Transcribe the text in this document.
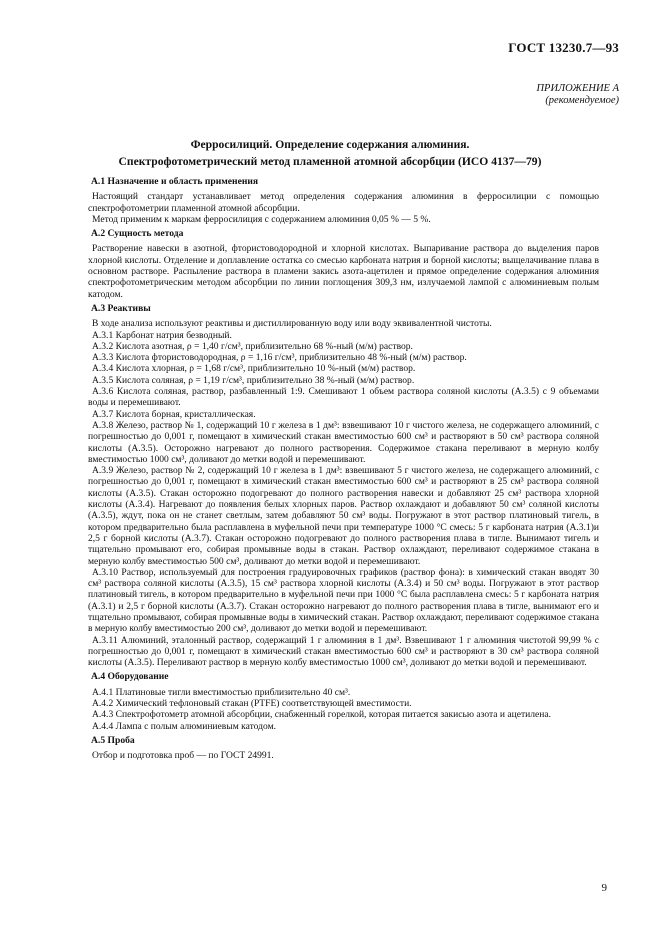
ГОСТ 13230.7—93
ПРИЛОЖЕНИЕ А
(рекомендуемое)
Ферросилиций. Определение содержания алюминия.
Спектрофотометрический метод пламенной атомной абсорбции (ИСО 4137—79)
А.1 Назначение и область применения

Настоящий стандарт устанавливает метод определения содержания алюминия в ферросилиции с помощью спектрофотометрии пламенной атомной абсорбции.

Метод применим к маркам ферросилиция с содержанием алюминия 0,05 % — 5 %.

А.2 Сущность метода

Растворение навески в азотной, фтористоводородной и хлорной кислотах. Выпаривание раствора до выделения паров хлорной кислоты. Отделение и доплавление остатка со смесью карбоната натрия и борной кислоты; выщелачивание плава в основном растворе. Распыление раствора в пламени закись азота-ацетилен и прямое определение содержания алюминия спектрофотометрическим методом абсорбции по линии поглощения 309,3 нм, излучаемой лампой с алюминиевым полым катодом.

А.3 Реактивы

В ходе анализа используют реактивы и дистиллированную воду или воду эквивалентной чистоты.

А.3.1 Карбонат натрия безводный.

А.3.2 Кислота азотная, ρ = 1,40 г/см³, приблизительно 68 %-ный (м/м) раствор.

А.3.3 Кислота фтористоводородная, ρ = 1,16 г/см³, приблизительно 48 %-ный (м/м) раствор.

А.3.4 Кислота хлорная, ρ = 1,68 г/см³, приблизительно 10 %-ный (м/м) раствор.

А.3.5 Кислота соляная, ρ = 1,19 г/см³, приблизительно 38 %-ный (м/м) раствор.

А.3.6 Кислота соляная, раствор, разбавленный 1:9. Смешивают 1 объем раствора соляной кислоты (А.3.5) с 9 объемами воды и перемешивают.

А.3.7 Кислота борная, кристаллическая.

А.3.8 Железо, раствор № 1, содержащий 10 г железа в 1 дм³: взвешивают 10 г чистого железа, не содержащего алюминий, с погрешностью до 0,001 г, помещают в химический стакан вместимостью 600 см³ и растворяют в 50 см³ раствора соляной кислоты (А.3.5). Осторожно нагревают до полного растворения. Содержимое стакана переливают в мерную колбу вместимостью 1000 см³, доливают до метки водой и перемешивают.

А.3.9 Железо, раствор № 2, содержащий 10 г железа в 1 дм³: взвешивают 5 г чистого железа, не содержащего алюминий, с погрешностью до 0,001 г, помещают в химический стакан вместимостью 600 см³ и растворяют в 25 см³ раствора соляной кислоты (А.3.5). Стакан осторожно подогревают до полного растворения навески и добавляют 25 см³ раствора хлорной кислоты (А.3.4). Нагревают до появления белых хлорных паров. Раствор охлаждают и добавляют 50 см³ соляной кислоты (А.3.5), ждут, пока он не станет светлым, затем добавляют 50 см³ воды. Погружают в этот раствор платиновый тигель, в котором предварительно была расплавлена в муфельной печи при температуре 1000 °С смесь: 5 г карбоната натрия (А.3.1)и 2,5 г борной кислоты (А.3.7). Стакан осторожно подогревают до полного растворения плава в тигле. Вынимают тигель и тщательно промывают его, собирая промывные воды в стакан. Раствор охлаждают, переливают содержимое стакана в мерную колбу вместимостью 500 см³, доливают до метки водой и перемешивают.

А.3.10 Раствор, используемый для построения градуировочных графиков (раствор фона): в химический стакан вводят 30 см³ раствора соляной кислоты (А.3.5), 15 см³ раствора хлорной кислоты (А.3.4) и 50 см³ воды. Погружают в этот раствор платиновый тигель, в котором предварительно в муфельной печи при 1000 °С была расплавлена смесь: 5 г карбоната натрия (А.3.1) и 2,5 г борной кислоты (А.3.7). Стакан осторожно нагревают до полного растворения плава в тигле, вынимают его и тщательно промывают, собирая промывные воды в химический стакан. Раствор охлаждают, переливают содержимое стакана в мерную колбу вместимостью 200 см³, доливают до метки водой и перемешивают.

А.3.11 Алюминий, эталонный раствор, содержащий 1 г алюминия в 1 дм³. Взвешивают 1 г алюминия чистотой 99,99 % с погрешностью до 0,001 г, помещают в химический стакан вместимостью 600 см³ и растворяют в 30 см³ раствора соляной кислоты (А.3.5). Переливают раствор в мерную колбу вместимостью 1000 см³, доливают до метки водой и перемешивают.

А.4 Оборудование

А.4.1 Платиновые тигли вместимостью приблизительно 40 см³.

А.4.2 Химический тефлоновый стакан (PTFE) соответствующей вместимости.

А.4.3 Спектрофотометр атомной абсорбции, снабженный горелкой, которая питается закисью азота и ацетилена.

А.4.4 Лампа с полым алюминиевым катодом.

А.5 Проба

Отбор и подготовка проб — по ГОСТ 24991.

9
